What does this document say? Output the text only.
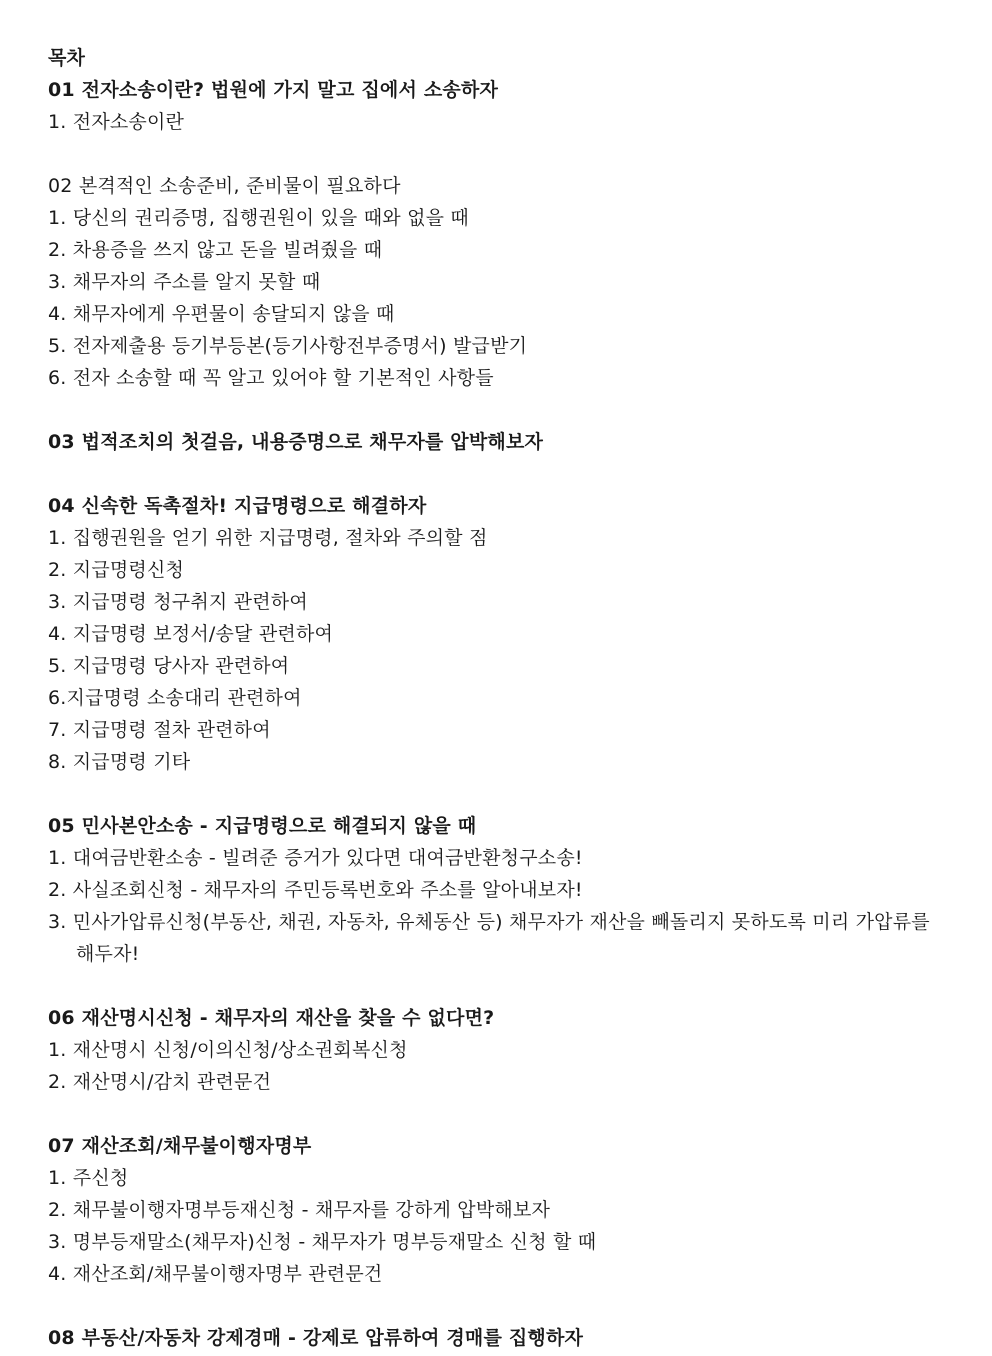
목차
01 전자소송이란? 법원에 가지 말고 집에서 소송하자
1. 전자소송이란
02 본격적인 소송준비, 준비물이 필요하다
1. 당신의 권리증명, 집행권원이 있을 때와 없을 때
2. 차용증을 쓰지 않고 돈을 빌려줬을 때
3. 채무자의 주소를 알지 못할 때
4. 채무자에게 우편물이 송달되지 않을 때
5. 전자제출용 등기부등본(등기사항전부증명서) 발급받기
6. 전자 소송할 때 꼭 알고 있어야 할 기본적인 사항들
03 법적조치의 첫걸음, 내용증명으로 채무자를 압박해보자
04 신속한 독촉절차! 지급명령으로 해결하자
1. 집행권원을 얻기 위한 지급명령, 절차와 주의할 점
2. 지급명령신청
3. 지급명령 청구취지 관련하여
4. 지급명령 보정서/송달 관련하여
5. 지급명령 당사자 관련하여
6.지급명령 소송대리 관련하여
7. 지급명령 절차 관련하여
8. 지급명령 기타
05 민사본안소송 - 지급명령으로 해결되지 않을 때
1. 대여금반환소송 - 빌려준 증거가 있다면 대여금반환청구소송!
2. 사실조회신청 - 채무자의 주민등록번호와 주소를 알아내보자!
3. 민사가압류신청(부동산, 채권, 자동차, 유체동산 등) 채무자가 재산을 빼돌리지 못하도록 미리 가압류를 해두자!
06 재산명시신청 - 채무자의 재산을 찾을 수 없다면?
1. 재산명시 신청/이의신청/상소권회복신청
2. 재산명시/감치 관련문건
07 재산조회/채무불이행자명부
1. 주신청
2. 채무불이행자명부등재신청 - 채무자를 강하게 압박해보자
3. 명부등재말소(채무자)신청 - 채무자가 명부등재말소 신청 할 때
4. 재산조회/채무불이행자명부 관련문건
08 부동산/자동차 강제경매 - 강제로 압류하여 경매를 집행하자
